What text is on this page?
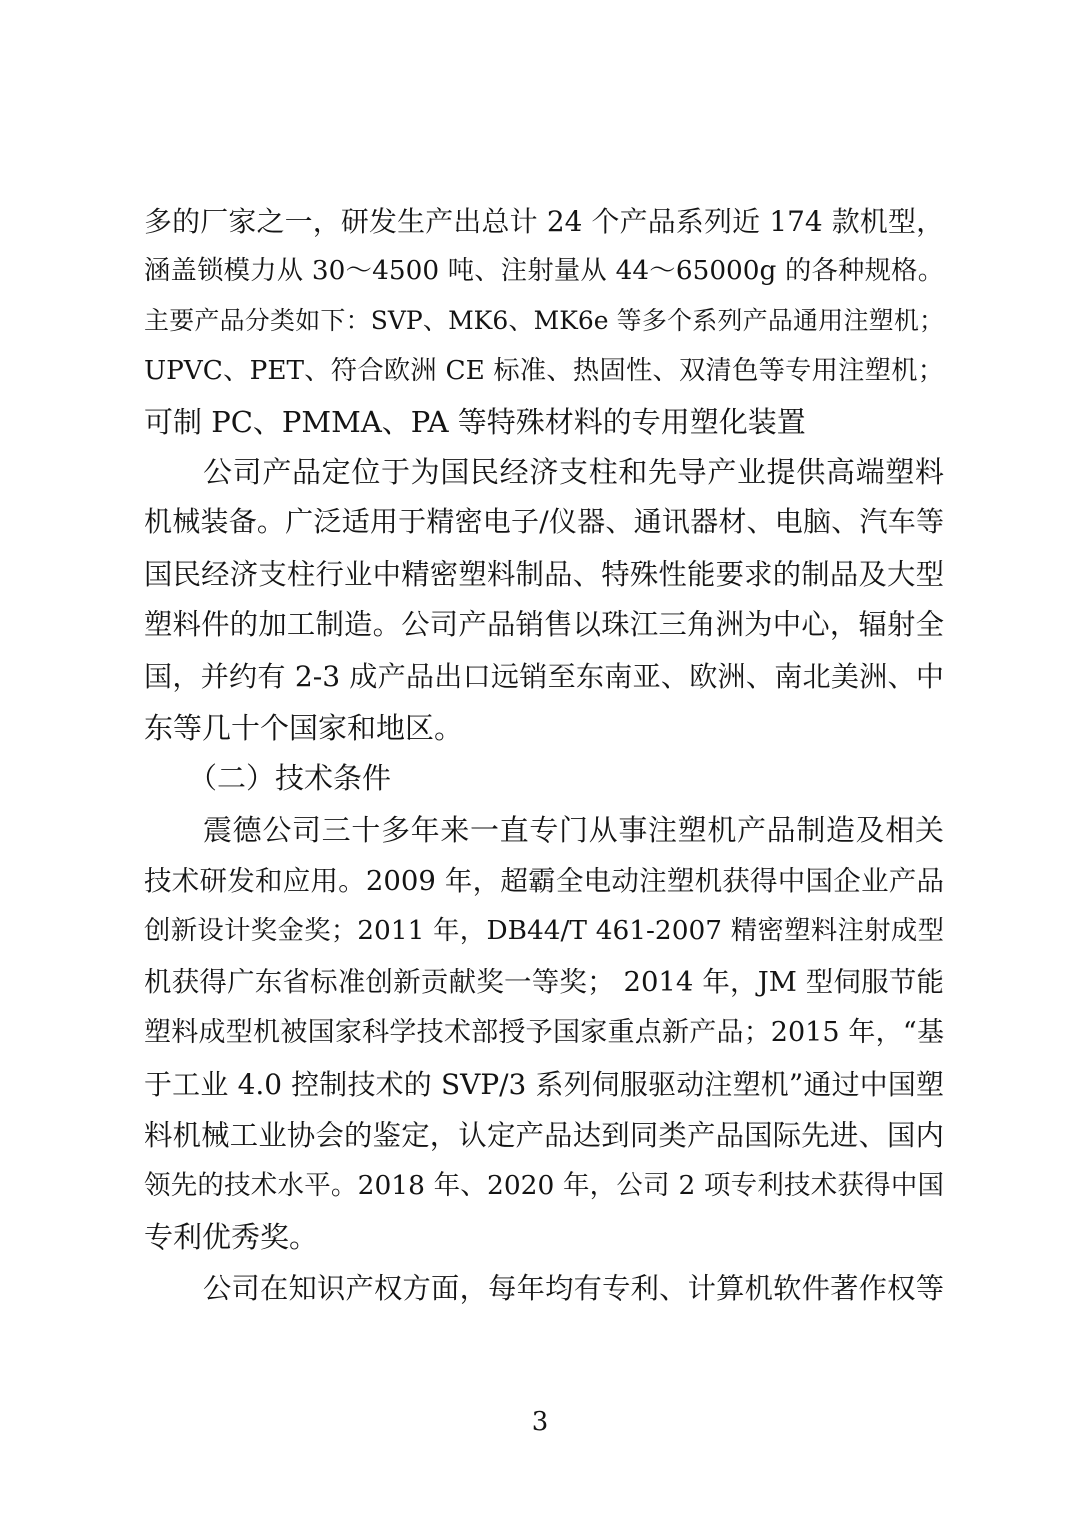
多的厂家之一，研发生产出总计 24 个产品系列近 174 款机型，
涵盖锁模力从 30～4500 吨、注射量从 44～65000g 的各种规格。
主要产品分类如下：SVP、MK6、MK6e 等多个系列产品通用注塑机；
UPVC、PET、符合欧洲 CE 标准、热固性、双清色等专用注塑机；
可制 PC、PMMA、PA 等特殊材料的专用塑化装置
公司产品定位于为国民经济支柱和先导产业提供高端塑料
机械装备。广泛适用于精密电子/仪器、通讯器材、电脑、汽车等
国民经济支柱行业中精密塑料制品、特殊性能要求的制品及大型
塑料件的加工制造。公司产品销售以珠江三角洲为中心，辐射全
国，并约有 2-3 成产品出口远销至东南亚、欧洲、南北美洲、中
东等几十个国家和地区。
（二）技术条件
震德公司三十多年来一直专门从事注塑机产品制造及相关
技术研发和应用。2009 年，超霸全电动注塑机获得中国企业产品
创新设计奖金奖；2011 年，DB44/T 461-2007 精密塑料注射成型
机获得广东省标准创新贡献奖一等奖； 2014 年，JM 型伺服节能
塑料成型机被国家科学技术部授予国家重点新产品；2015 年，“基
于工业 4.0 控制技术的 SVP/3 系列伺服驱动注塑机”通过中国塑
料机械工业协会的鉴定，认定产品达到同类产品国际先进、国内
领先的技术水平。2018 年、2020 年，公司 2 项专利技术获得中国
专利优秀奖。
公司在知识产权方面，每年均有专利、计算机软件著作权等
3
